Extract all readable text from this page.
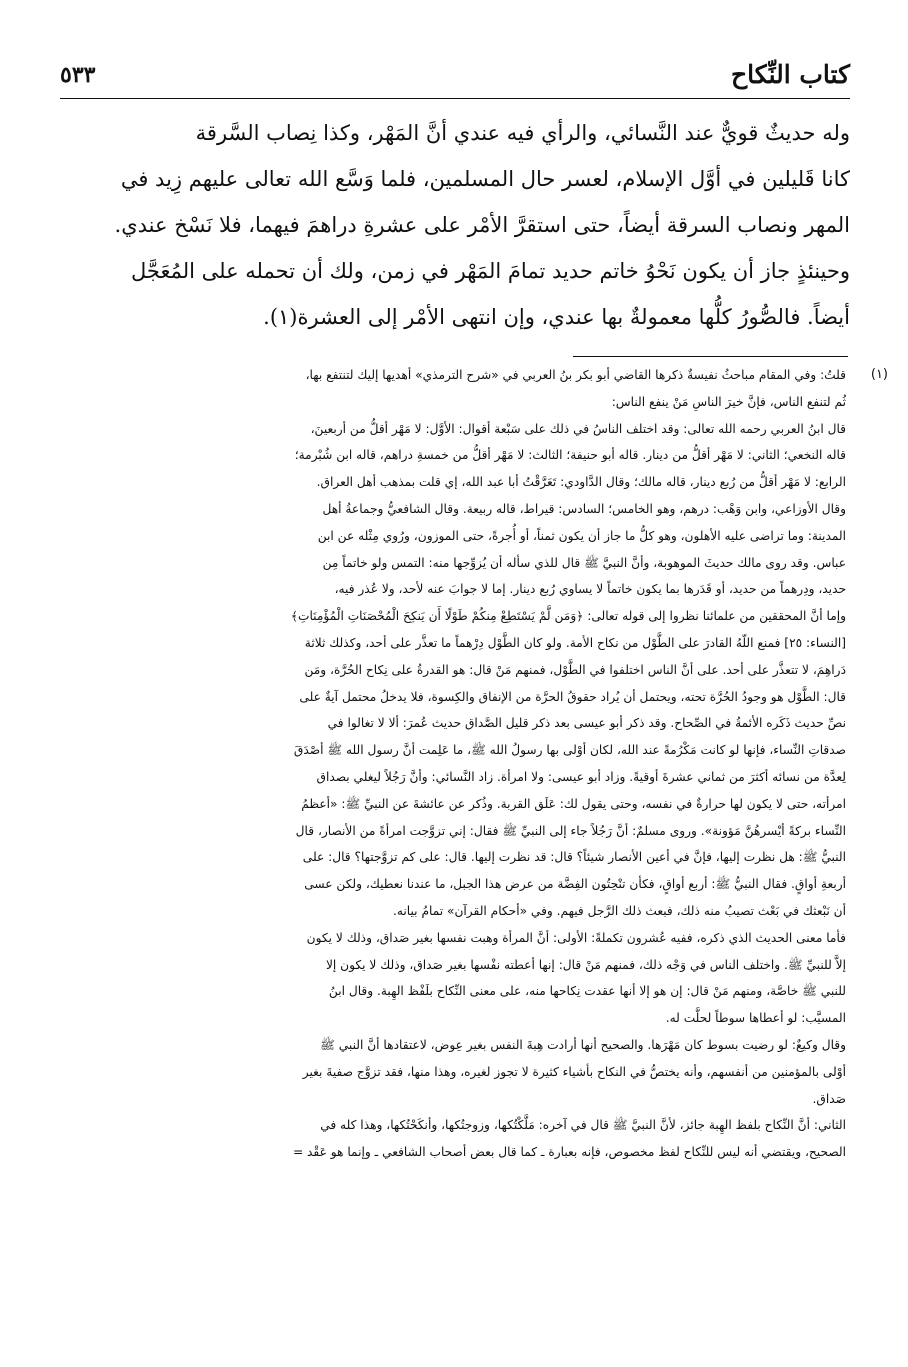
كتاب النِّكاح
٥٣٣
وله حديثٌ قويٌّ عند النَّسائي، والرأي فيه عندي أنَّ المَهْر، وكذا نِصاب السَّرقة
كانا قَليلين في أوَّل الإسلام، لعسر حال المسلمين، فلما وَسَّع الله تعالى عليهم زِيد في
المهر ونصاب السرقة أيضاً، حتى استقرَّ الأمْر على عشرةِ دراهمَ فيهما، فلا نَسْخ عندي.
وحينئذٍ جاز أن يكون نَحْوُ خاتم حديد تمامَ المَهْر في زمن، ولك أن تحمله على المُعَجَّل
أيضاً. فالصُّورُ كلُّها معمولةٌ بها عندي، وإن انتهى الأمْر إلى العشرة(١).
(١)
قلتُ: وفي المقام مباحثُ نفيسةٌ ذكرها القاضي أبو بكر بنُ العربي في «شرح الترمذي» أهديها إليك لتنتفع بها،
ثُم لتنفع الناس، فإنَّ خيرَ الناسِ مَنْ ينفع الناس:
قال ابنُ العربي رحمه الله تعالى: وقد اختلف الناسُ في ذلك على سَبْعة أقوال: الأوَّل: لا مَهْر أقلُّ من أربعينَ،
قاله النخعي؛ الثاني: لا مَهْر أقلُّ من دينار. قاله أبو حنيفة؛ الثالث: لا مَهْر أقلُّ من خمسةِ دراهم، قاله ابن شُبْرمة؛
الرابع: لا مَهْر أقلُّ من رُبع دينار، قاله مالك؛ وقال الدَّاودي: تَعَرَّقْتُ أبا عبد الله، إي قلت بمذهب أهل العراق.
وقال الأوزاعي، وابن وَهْب: درهم، وهو الخامس؛ السادس: قيراط، قاله ربيعة. وقال الشافعيُّ وجماعةُ أهل
المدينة: وما تراضى عليه الأهلون، وهو كلُّ ما جاز أن يكون ثمناً، أو أُجرةً، حتى الموزون، ورُوي مِثْله عن ابن
عباس. وقد روى مالك حديثَ الموهوبة، وأنَّ النبيَّ ﷺ قال للذي سأله أن يُزوِّجها منه: التمس ولو خاتماً مِن
حديد، ودِرهماً من حديد، أو قَدَرها بما يكون خاتماً لا يساوي رُبع دينار. إما لا جوابَ عنه لأحد، ولا عُذر فيه،
وإما أنَّ المحققين من علمائنا نظروا إلى قوله تعالى: ﴿وَمَن لَّمْ يَسْتَطِعْ مِنكُمْ طَوْلًا أَن يَنكِحَ الْمُحْصَنَاتِ الْمُؤْمِنَاتِ﴾
[النساء: ٢٥] فمنع اللّهُ القادرَ على الطَّوْل من نكاح الأمة. ولو كان الطَّوْل دِرْهماً ما تعذَّر على أحد، وكذلك ثلاثة
دَراهِمَ، لا تتعذَّر على أحد. على أنَّ الناس اختلفوا في الطَّوْل، فمنهم مَنْ قال: هو القدرةُ على نِكاح الحُرَّة، ومَن
قال: الطَّوْل هو وجودُ الحُرَّة تحته، ويحتمل أن يُراد حقوقُ الحرَّة من الإنفاق والكِسوة، فلا يدخلُ محتمل آيةٌ على
نصِّ حديث ذَكَره الأئمةُ في الصِّحاح. وقد ذكر أبو عيسى بعد ذكر قليل الصَّداق حديث عُمرَ: ألا لا تغالوا في
صدقاتِ النِّساء، فإنها لو كانت مَكْرُمةً عند الله، لكان أوْلى بها رسولُ الله ﷺ، ما عَلِمت أنَّ رسول الله ﷺ أصْدَقَ
لِعدَّة من نسائه أكثرَ من ثماني عشرةَ أوقيةً. وزاد أبو عيسى: ولا امرأة. زاد النَّسائي: وأنَّ رَجُلاً ليغلي بصداق
امرأته، حتى لا يكون لها حرارةٌ في نفسه، وحتى يقول لك: عَلَق القربة. وذُكر عن عائشةَ عن النبيِّ ﷺ: «أعظمُ
النِّساء بركةً أيْسرهُنَّ مَؤونة». وروى مسلمٌ: أنَّ رَجُلاً جاء إلى النبيِّ ﷺ فقال: إني تزوَّجت امرأةً من الأنصار، قال
النبيُّ ﷺ: هل نظرت إليها، فإنَّ في أعين الأنصار شيئاً؟ قال: قد نظرت إليها. قال: على كم تزوَّجتها؟ قال: على
أربعةِ أواقٍ. فقال النبيُّ ﷺ: أربع أواقٍ، فكأن تنْحِتُون الفِضَّة من عرض هذا الجبل، ما عندنا نعطيك، ولكن عسى
أن نَبْعثك في بَعْث تصيبُ منه ذلك، فبعث ذلك الرَّجل فيهم. وفي «أحكام القرآن» تمامُ بيانه.
فأما معنى الحديث الذي ذكره، ففيه عُشرون تكملةً: الأولى: أنَّ المرأة وهبت نفسها بغير صَداق، وذلك لا يكون
إلاَّ للنبيِّ ﷺ. واختلف الناس في وَجْه ذلك، فمنهم مَنْ قال: إنها أعطته نفْسها بغير صَداق، وذلك لا يكون إلا
للنبي ﷺ خاصَّة، ومنهم مَنْ قال: إن هو إلا أنها عقدت نِكاحها منه، على معنى النِّكاح بلَفْظ الهِبة. وقال ابنُ
المسيَّب: لو أعطاها سوطاً لحلَّت له.
وقال وكيعٌ: لو رضيت بسوط كان مَهْرَها. والصحيح أنها أرادت هِبةَ النفس بغير عِوض، لاعتقادها أنَّ النبي ﷺ
أوْلى بالمؤمنين من أنفسهم، وأنه يختصُّ في النكاح بأشياء كثيرة لا تجوز لغيره، وهذا منها، فقد تزوَّج صفيةَ بغير
صَداق.
الثاني: أنَّ النِّكاح بلفظ الهِبة جائز، لأنَّ النبيَّ ﷺ قال في آخره: مَلَّكْتُكها، وزوجتُكها، وأنكَحْتُكها، وهذا كله في
الصحيح، ويقتضي أنه ليس للنِّكاح لفظ مخصوص، فإنه بعبارة ـ كما قال بعض أصحاب الشافعي ـ وإنما هو عَقْد =
